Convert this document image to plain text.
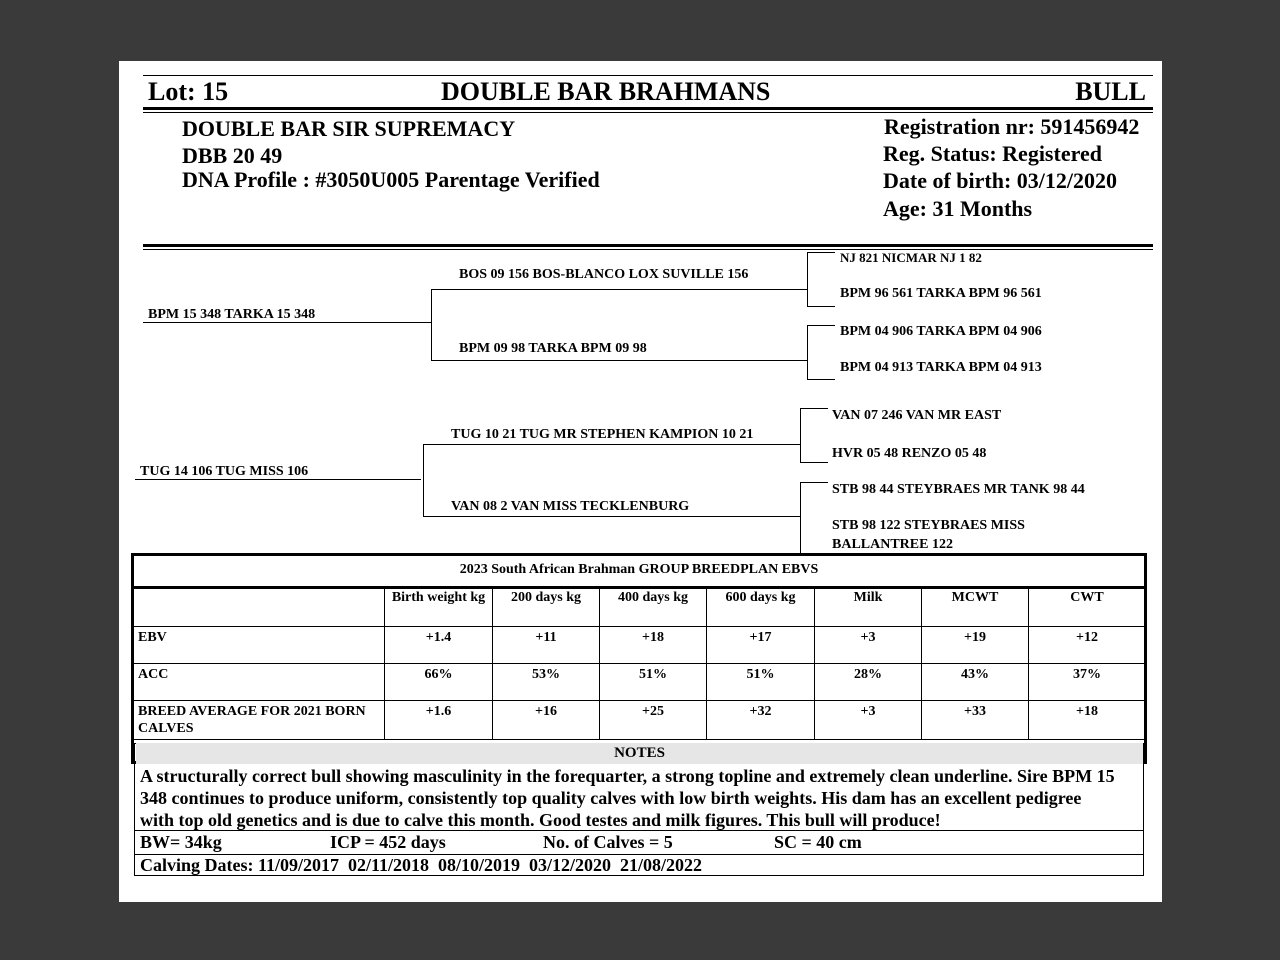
Lot: 15	DOUBLE BAR BRAHMANS	BULL
DOUBLE BAR SIR SUPREMACY
DBB 20 49
DNA Profile : #3050U005 Parentage Verified
Registration nr: 591456942
Reg. Status: Registered
Date of birth: 03/12/2020
Age: 31 Months
BPM 15 348 TARKA 15 348
BOS 09 156 BOS-BLANCO LOX SUVILLE 156
BPM 09 98 TARKA BPM 09 98
NJ 821 NICMAR NJ 1 82
BPM 96 561 TARKA BPM 96 561
BPM 04 906 TARKA BPM 04 906
BPM 04 913 TARKA BPM 04 913
TUG 14 106 TUG MISS 106
TUG 10 21 TUG MR STEPHEN KAMPION 10 21
VAN 08 2 VAN MISS TECKLENBURG
VAN 07 246 VAN MR EAST
HVR 05 48 RENZO 05 48
STB 98 44 STEYBRAES MR TANK 98 44
STB 98 122 STEYBRAES MISS
BALLANTREE 122
2023 South African Brahman GROUP BREEDPLAN EBVS
	Birth weight kg	200 days kg	400 days kg	600 days kg	Milk	MCWT	CWT
EBV	+1.4	+11	+18	+17	+3	+19	+12
ACC	66%	53%	51%	51%	28%	43%	37%
BREED AVERAGE FOR 2021 BORN CALVES	+1.6	+16	+25	+32	+3	+33	+18
NOTES
A structurally correct bull showing masculinity in the forequarter, a strong topline and extremely clean underline. Sire BPM 15 348 continues to produce uniform, consistently top quality calves with low birth weights. His dam has an excellent pedigree with top old genetics and is due to calve this month. Good testes and milk figures. This bull will produce!
BW= 34kg	ICP = 452 days	No. of Calves = 5	SC = 40 cm
Calving Dates: 11/09/2017  02/11/2018  08/10/2019  03/12/2020  21/08/2022
